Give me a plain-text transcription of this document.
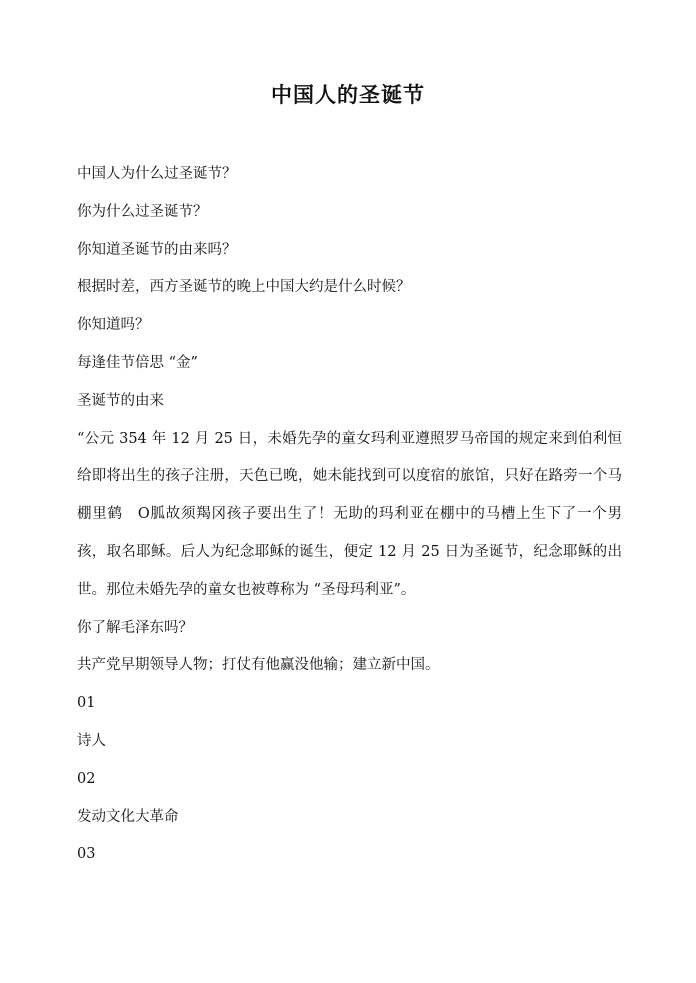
中国人的圣诞节

中国人为什么过圣诞节？

你为什么过圣诞节？

你知道圣诞节的由来吗？

根据时差，西方圣诞节的晚上中国大约是什么时候？

你知道吗？

每逢佳节倍思 “金”

圣诞节的由来

“公元 354 年 12 月 25 日，未婚先孕的童女玛利亚遵照罗马帝国的规定来到伯利恒给即将出生的孩子注册，天色已晚，她未能找到可以度宿的旅馆，只好在路旁一个马棚里鹤　O胍故须羯冈孩子要出生了！无助的玛利亚在棚中的马槽上生下了一个男孩，取名耶稣。后人为纪念耶稣的诞生，便定 12 月 25 日为圣诞节，纪念耶稣的出世。那位未婚先孕的童女也被尊称为 “圣母玛利亚”。

你了解毛泽东吗？

共产党早期领导人物；打仗有他赢没他输；建立新中国。

01

诗人

02

发动文化大革命

03
